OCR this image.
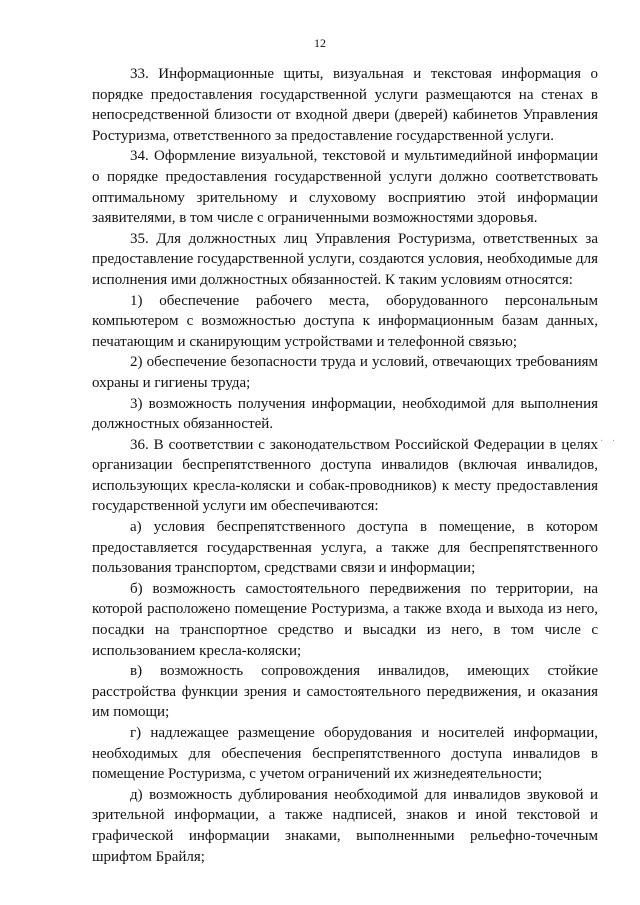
12

33. Информационные щиты, визуальная и текстовая информация о порядке предоставления государственной услуги размещаются на стенах в непосредственной близости от входной двери (дверей) кабинетов Управления Ростуризма, ответственного за предоставление государственной услуги.

34. Оформление визуальной, текстовой и мультимедийной информации о порядке предоставления государственной услуги должно соответствовать оптимальному зрительному и слуховому восприятию этой информации заявителями, в том числе с ограниченными возможностями здоровья.

35. Для должностных лиц Управления Ростуризма, ответственных за предоставление государственной услуги, создаются условия, необходимые для исполнения ими должностных обязанностей. К таким условиям относятся:

1) обеспечение рабочего места, оборудованного персональным компьютером с возможностью доступа к информационным базам данных, печатающим и сканирующим устройствами и телефонной связью;

2) обеспечение безопасности труда и условий, отвечающих требованиям охраны и гигиены труда;

3) возможность получения информации, необходимой для выполнения должностных обязанностей.

36. В соответствии с законодательством Российской Федерации в целях организации беспрепятственного доступа инвалидов (включая инвалидов, использующих кресла-коляски и собак-проводников) к месту предоставления государственной услуги им обеспечиваются:

а) условия беспрепятственного доступа в помещение, в котором предоставляется государственная услуга, а также для беспрепятственного пользования транспортом, средствами связи и информации;

б) возможность самостоятельного передвижения по территории, на которой расположено помещение Ростуризма, а также входа и выхода из него, посадки на транспортное средство и высадки из него, в том числе с использованием кресла-коляски;

в) возможность сопровождения инвалидов, имеющих стойкие расстройства функции зрения и самостоятельного передвижения, и оказания им помощи;

г) надлежащее размещение оборудования и носителей информации, необходимых для обеспечения беспрепятственного доступа инвалидов в помещение Ростуризма, с учетом ограничений их жизнедеятельности;

д) возможность дублирования необходимой для инвалидов звуковой и зрительной информации, а также надписей, знаков и иной текстовой и графической информации знаками, выполненными рельефно-точечным шрифтом Брайля;

· ·
